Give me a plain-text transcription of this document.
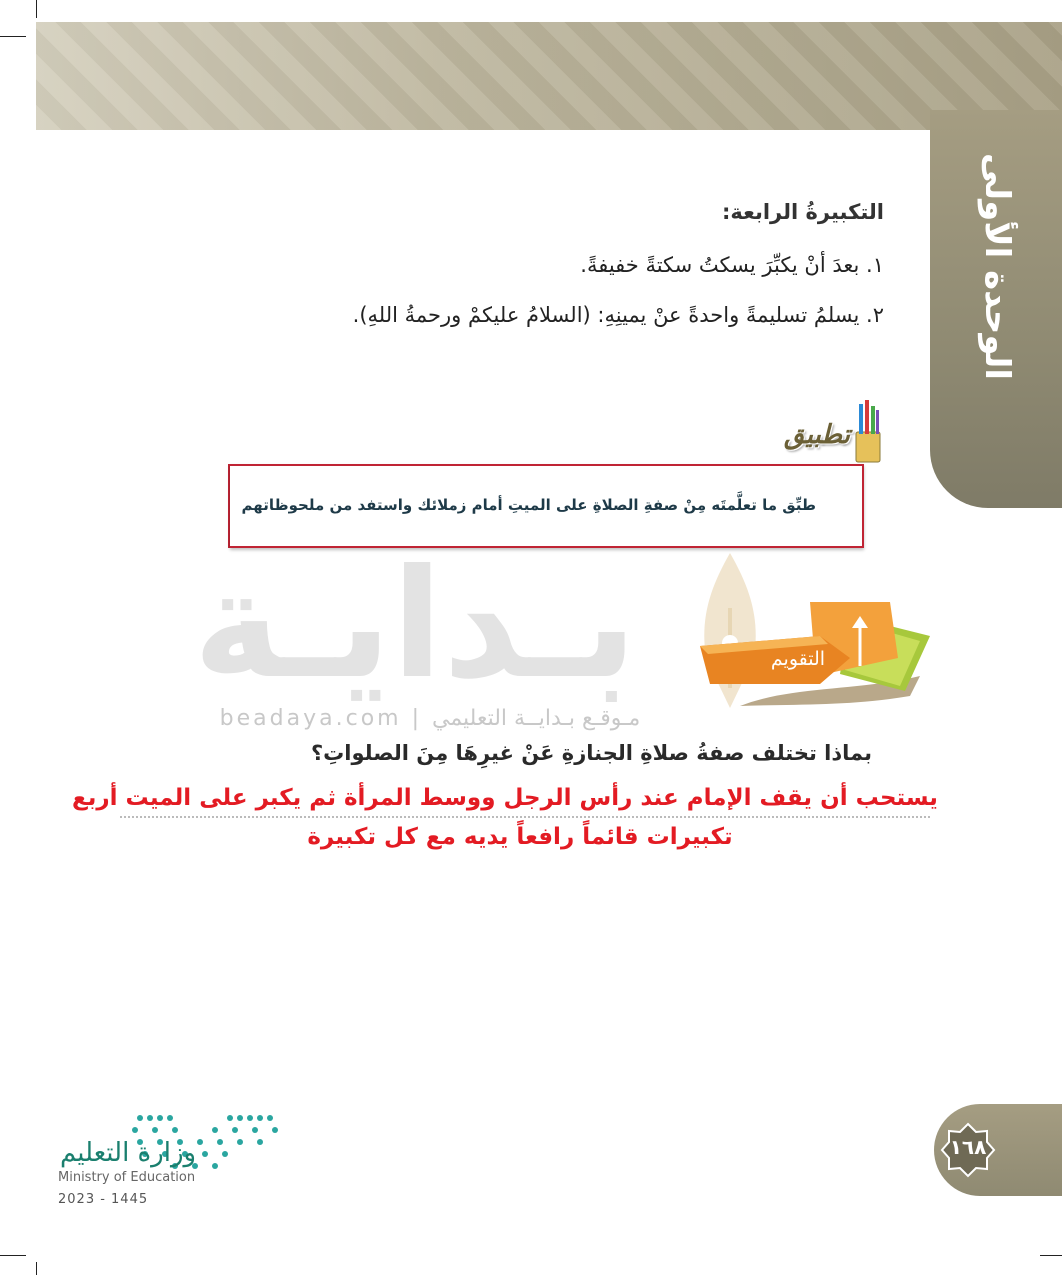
الوحدة الأولى
التكبيرةُ الرابعة:
١. بعدَ أنْ يكبِّرَ يسكتُ سكتةً خفيفةً.
٢. يسلمُ تسليمةً واحدةً عنْ يمينِهِ: (السلامُ عليكمْ ورحمةُ اللهِ).
تطبيق
طبِّق ما تعلَّمتَه مِنْ صفةِ الصلاةِ على الميتِ أمام زملائك واستفد من ملحوظاتهم
بـدايـة
beadaya.com | مـوقـع بـدايــة التعليمي
التقويم
بماذا تختلف صفةُ صلاةِ الجنازةِ عَنْ غيرِهَا مِنَ الصلواتِ؟
يستحب أن يقف الإمام عند رأس الرجل ووسط المرأة ثم يكبر على الميت أربع
تكبيرات قائماً رافعاً يديه مع كل تكبيرة
١٦٨
وزارة التعليم
Ministry of Education
2023 - 1445
